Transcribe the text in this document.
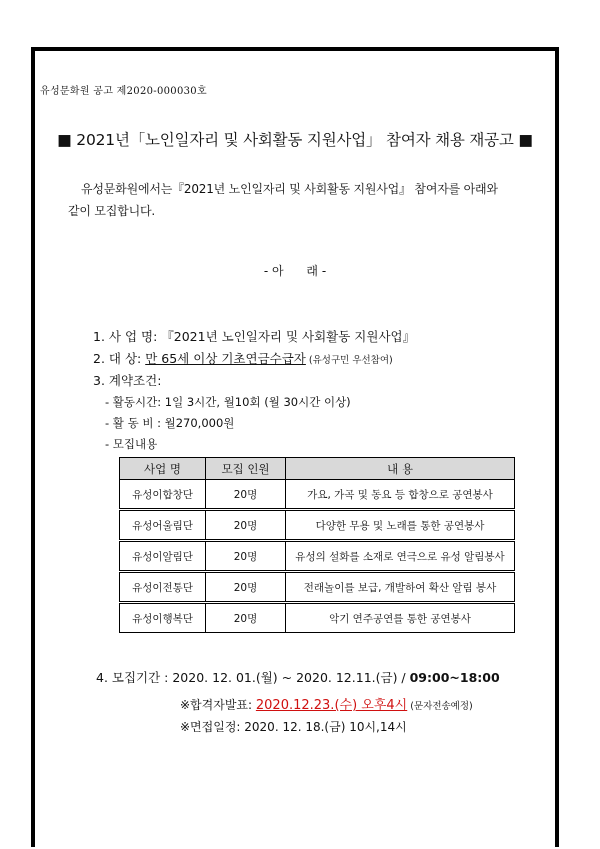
유성문화원 공고 제2020-000030호
■ 2021년「노인일자리 및 사회활동 지원사업」 참여자 채용 재공고 ■
유성문화원에서는『2021년 노인일자리 및 사회활동 지원사업』 참여자를 아래와
같이 모집합니다.
- 아      래 -
1. 사 업 명: 『2021년 노인일자리 및 사회활동 지원사업』
2. 대 상: 만 65세 이상 기초연금수급자 (유성구민 우선참여)
3. 계약조건:
- 활동시간: 1일 3시간, 월10회 (월 30시간 이상)
- 활 동 비 : 월270,000원
- 모집내용
사업 명	모집 인원	내 용
유성이합창단	20명	가요, 가곡 및 동요 등 합창으로 공연봉사
유성어울림단	20명	다양한 무용 및 노래를 통한 공연봉사
유성이알림단	20명	유성의 설화를 소재로 연극으로 유성 알림봉사
유성이전통단	20명	전래놀이를 보급, 개발하여 확산 알림 봉사
유성이행복단	20명	악기 연주공연를 통한 공연봉사
4. 모집기간 : 2020. 12. 01.(월) ~ 2020. 12.11.(금) / 09:00~18:00
※합격자발표: 2020.12.23.(수) 오후4시 (문자전송예정)
※면접일정: 2020. 12. 18.(금) 10시,14시
